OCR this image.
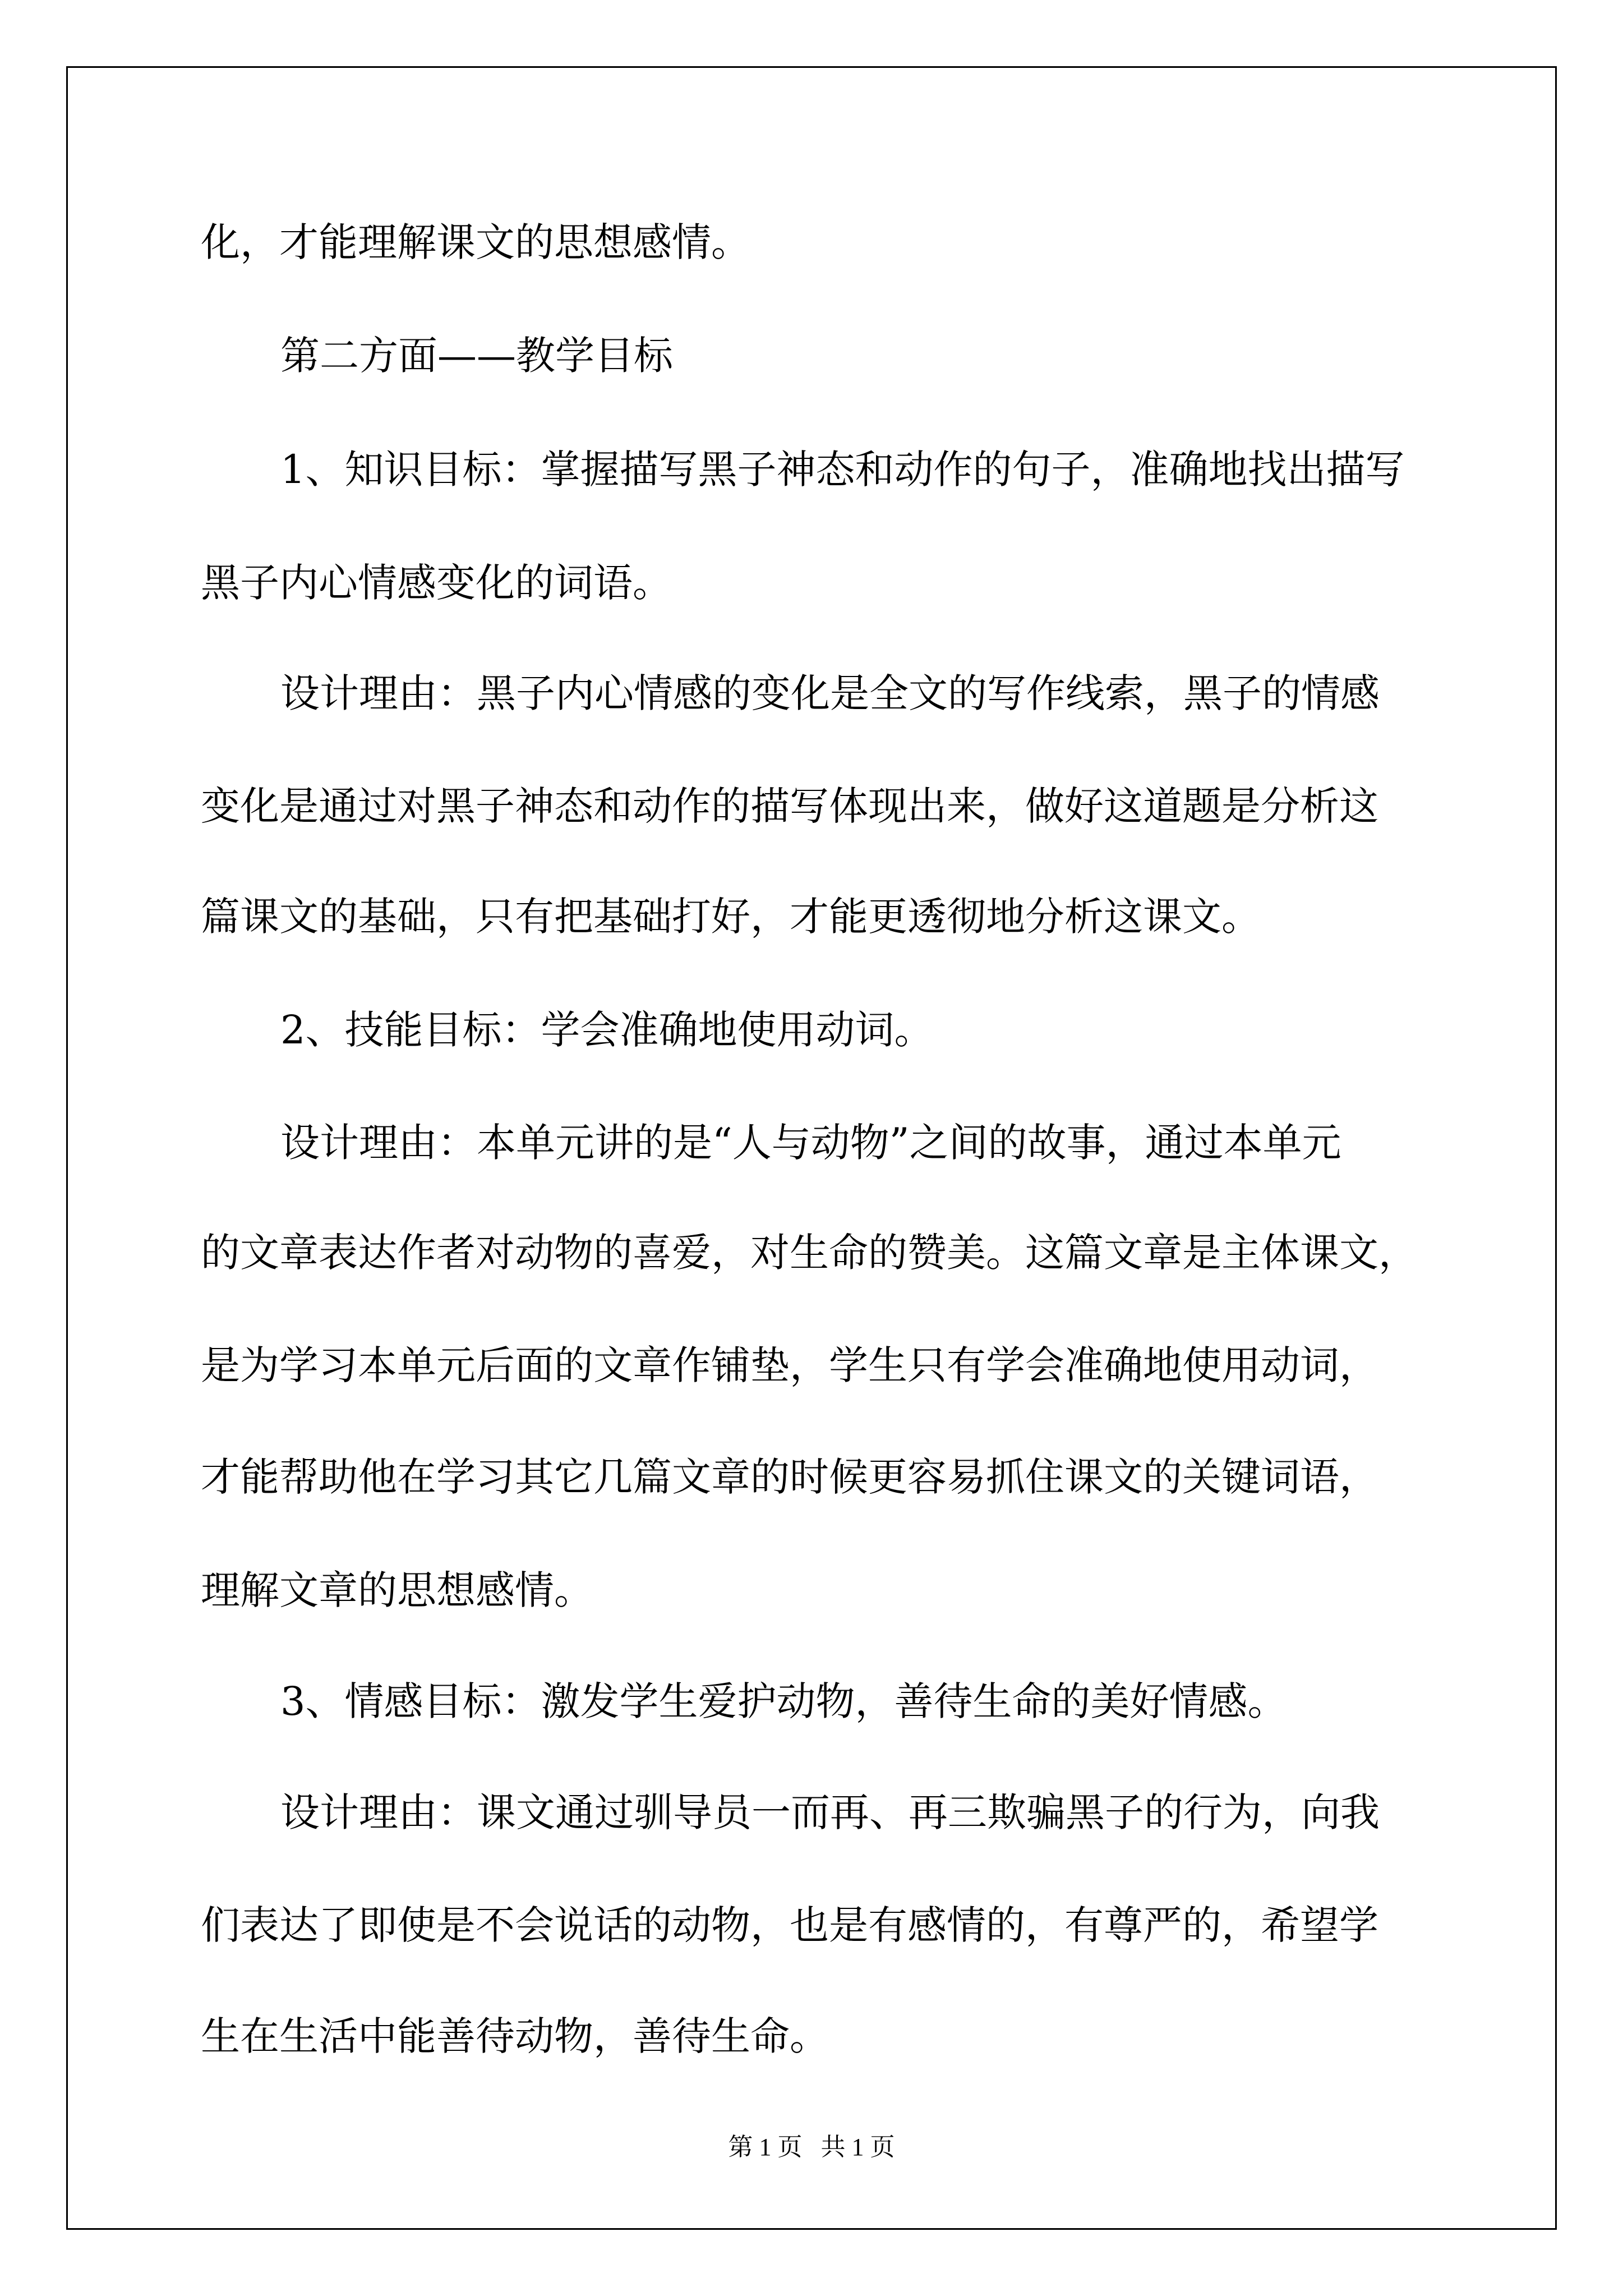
化，才能理解课文的思想感情。
第二方面——教学目标
1、知识目标：掌握描写黑子神态和动作的句子，准确地找出描写
黑子内心情感变化的词语。
设计理由：黑子内心情感的变化是全文的写作线索，黑子的情感
变化是通过对黑子神态和动作的描写体现出来，做好这道题是分析这
篇课文的基础，只有把基础打好，才能更透彻地分析这课文。
2、技能目标：学会准确地使用动词。
设计理由：本单元讲的是“人与动物”之间的故事，通过本单元
的文章表达作者对动物的喜爱，对生命的赞美。这篇文章是主体课文，
是为学习本单元后面的文章作铺垫，学生只有学会准确地使用动词，
才能帮助他在学习其它几篇文章的时候更容易抓住课文的关键词语，
理解文章的思想感情。
3、情感目标：激发学生爱护动物，善待生命的美好情感。
设计理由：课文通过驯导员一而再、再三欺骗黑子的行为，向我
们表达了即使是不会说话的动物，也是有感情的，有尊严的，希望学
生在生活中能善待动物，善待生命。
第 1 页   共 1 页
